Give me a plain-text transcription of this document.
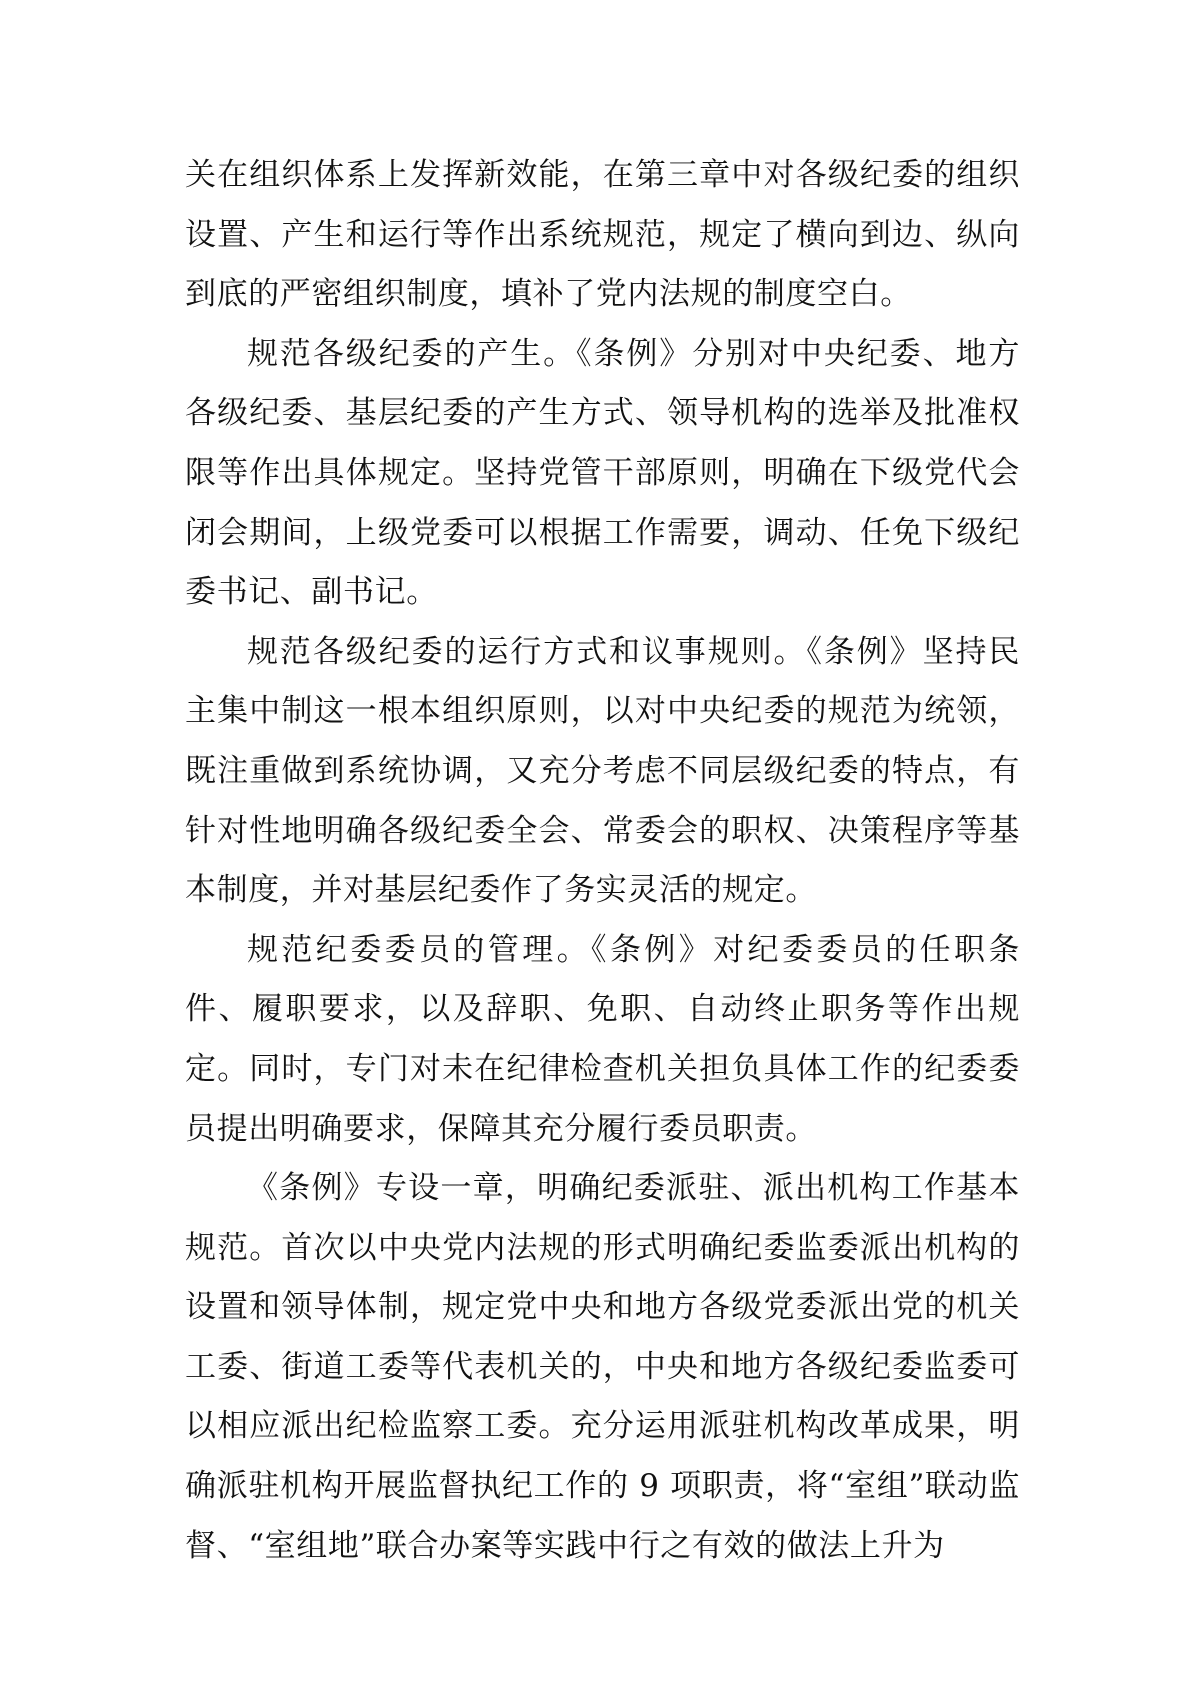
关在组织体系上发挥新效能，在第三章中对各级纪委的组织设置、产生和运行等作出系统规范，规定了横向到边、纵向到底的严密组织制度，填补了党内法规的制度空白。

规范各级纪委的产生。《条例》分别对中央纪委、地方各级纪委、基层纪委的产生方式、领导机构的选举及批准权限等作出具体规定。坚持党管干部原则，明确在下级党代会闭会期间，上级党委可以根据工作需要，调动、任免下级纪委书记、副书记。

规范各级纪委的运行方式和议事规则。《条例》坚持民主集中制这一根本组织原则，以对中央纪委的规范为统领，既注重做到系统协调，又充分考虑不同层级纪委的特点，有针对性地明确各级纪委全会、常委会的职权、决策程序等基本制度，并对基层纪委作了务实灵活的规定。

规范纪委委员的管理。《条例》对纪委委员的任职条件、履职要求，以及辞职、免职、自动终止职务等作出规定。同时，专门对未在纪律检查机关担负具体工作的纪委委员提出明确要求，保障其充分履行委员职责。

《条例》专设一章，明确纪委派驻、派出机构工作基本规范。首次以中央党内法规的形式明确纪委监委派出机构的设置和领导体制，规定党中央和地方各级党委派出党的机关工委、街道工委等代表机关的，中央和地方各级纪委监委可以相应派出纪检监察工委。充分运用派驻机构改革成果，明确派驻机构开展监督执纪工作的 9 项职责，将“室组”联动监督、“室组地”联合办案等实践中行之有效的做法上升为
